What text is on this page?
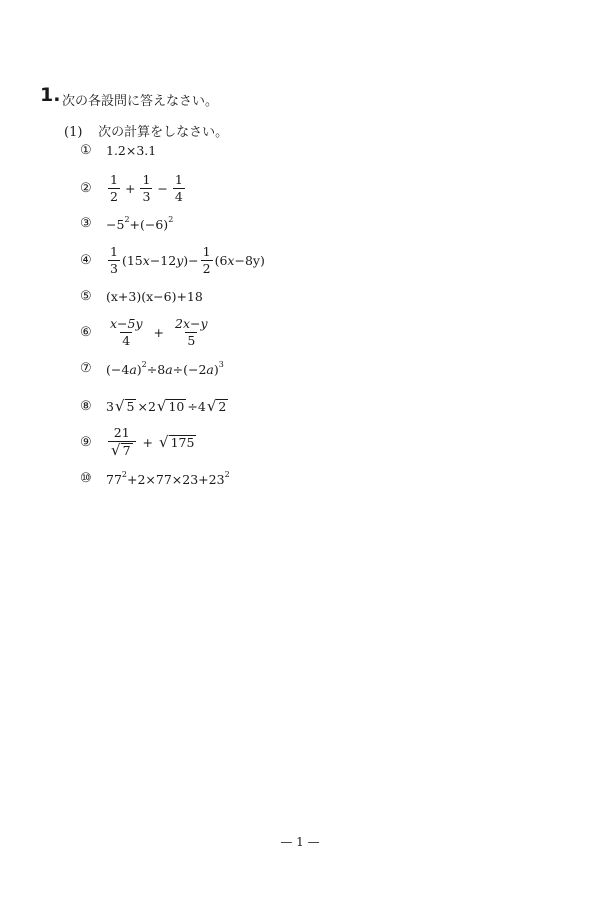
1. 次の各設問に答えなさい。
(1) 次の計算をしなさい。
①	1.2×3.1
②	$\frac{1}{2} + \frac{1}{3} - \frac{1}{4}$
③	$-5^2+(-6)^2$
④	$\frac{1}{3} (15$ x −12 y )− $\frac{1}{2} (6$ x −8y)
⑤	(x+3)(x−6)+18
⑥	$\frac{x-5y}{4} + \frac{2x-y}{5}$
⑦	$(-4a)^2\div 8a\div(-2a)^3$
⑧	3 √ 5 ×2 √ 10 ÷4 √ 2
⑨	$\frac{21}{√ 7}$ + √ 175
⑩	$77^2+2\times 77\times 23+23^2$
— 1 —
